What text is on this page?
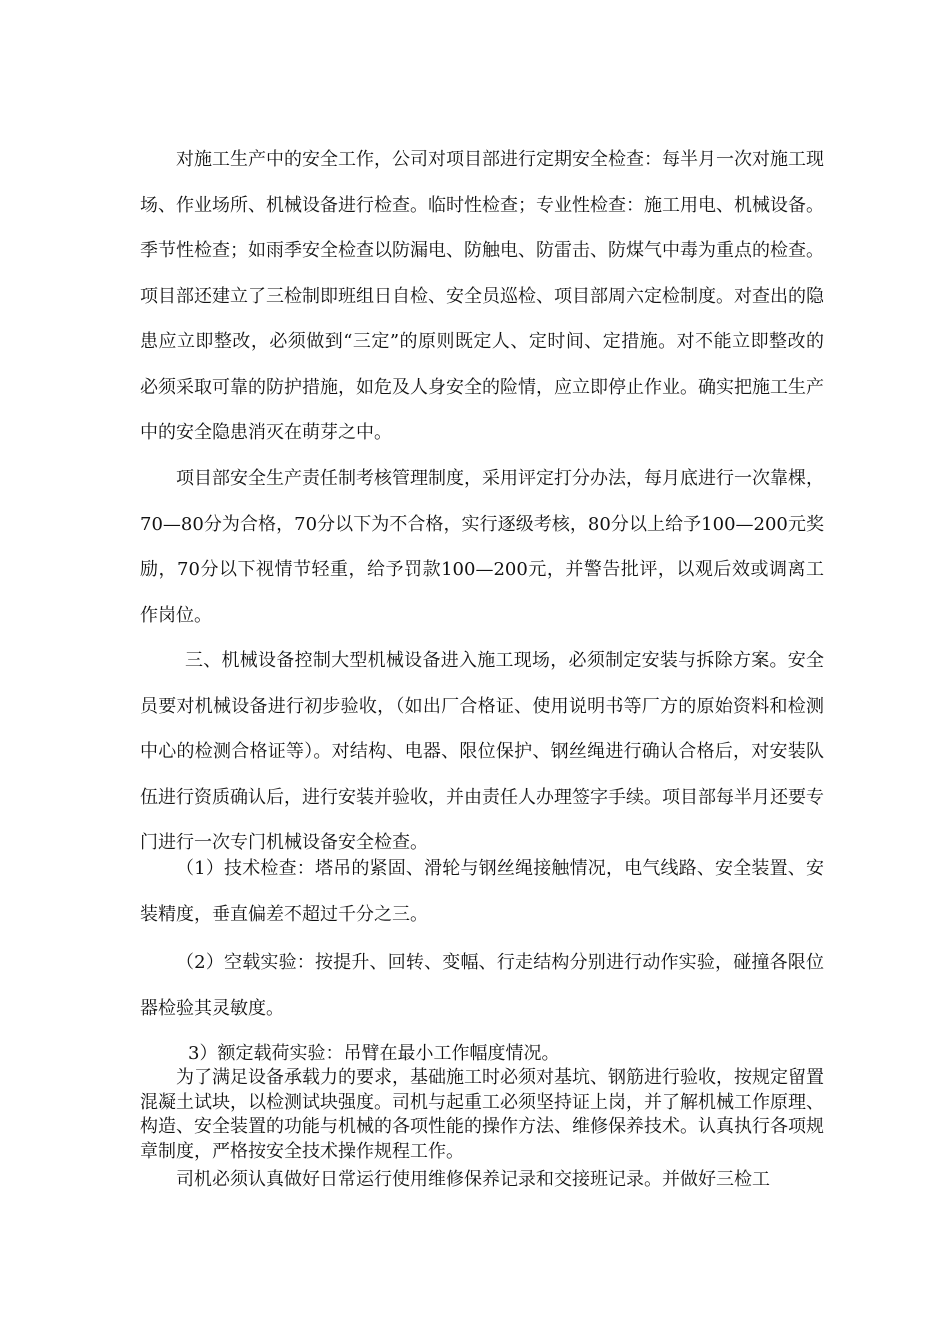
对施工生产中的安全工作，公司对项目部进行定期安全检查：每半月一次对施工现场、作业场所、机械设备进行检查。临时性检查；专业性检查：施工用电、机械设备。季节性检查；如雨季安全检查以防漏电、防触电、防雷击、防煤气中毒为重点的检查。项目部还建立了三检制即班组日自检、安全员巡检、项目部周六定检制度。对查出的隐患应立即整改，必须做到“三定”的原则既定人、定时间、定措施。对不能立即整改的必须采取可靠的防护措施，如危及人身安全的险情，应立即停止作业。确实把施工生产中的安全隐患消灭在萌芽之中。

项目部安全生产责任制考核管理制度，采用评定打分办法，每月底进行一次靠棵，70—80分为合格，70分以下为不合格，实行逐级考核，80分以上给予100—200元奖励，70分以下视情节轻重，给予罚款100—200元，并警告批评，以观后效或调离工作岗位。

三、机械设备控制大型机械设备进入施工现场，必须制定安装与拆除方案。安全员要对机械设备进行初步验收，（如出厂合格证、使用说明书等厂方的原始资料和检测中心的检测合格证等）。对结构、电器、限位保护、钢丝绳进行确认合格后，对安装队伍进行资质确认后，进行安装并验收，并由责任人办理签字手续。项目部每半月还要专门进行一次专门机械设备安全检查。

（1）技术检查：塔吊的紧固、滑轮与钢丝绳接触情况，电气线路、安全装置、安装精度，垂直偏差不超过千分之三。

（2）空载实验：按提升、回转、变幅、行走结构分别进行动作实验，碰撞各限位器检验其灵敏度。

3）额定载荷实验：吊臂在最小工作幅度情况。

为了满足设备承载力的要求，基础施工时必须对基坑、钢筋进行验收，按规定留置混凝土试块，以检测试块强度。司机与起重工必须坚持证上岗，并了解机械工作原理、构造、安全装置的功能与机械的各项性能的操作方法、维修保养技术。认真执行各项规章制度，严格按安全技术操作规程工作。

司机必须认真做好日常运行使用维修保养记录和交接班记录。并做好三检工
